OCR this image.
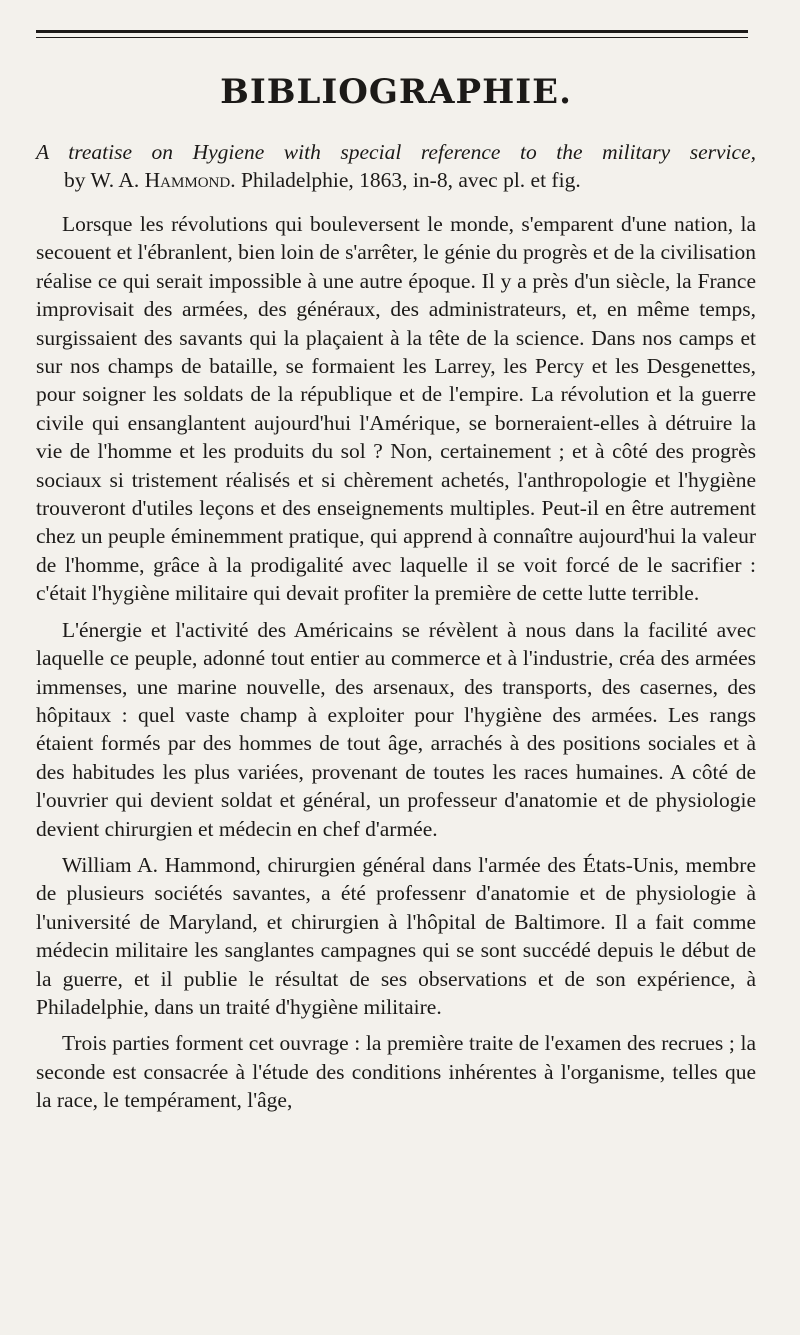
BIBLIOGRAPHIE.
A treatise on Hygiene with special reference to the military service,
by W. A. Hammond. Philadelphie, 1863, in-8, avec pl. et fig.

Lorsque les révolutions qui bouleversent le monde, s'emparent d'une nation, la secouent et l'ébranlent, bien loin de s'arrêter, le génie du progrès et de la civilisation réalise ce qui serait impossible à une autre époque. Il y a près d'un siècle, la France improvisait des armées, des généraux, des administrateurs, et, en même temps, surgissaient des savants qui la plaçaient à la tête de la science. Dans nos camps et sur nos champs de bataille, se formaient les Larrey, les Percy et les Desgenettes, pour soigner les soldats de la république et de l'empire. La révolution et la guerre civile qui ensanglantent aujourd'hui l'Amérique, se borneraient-elles à détruire la vie de l'homme et les produits du sol ? Non, certainement ; et à côté des progrès sociaux si tristement réalisés et si chèrement achetés, l'anthropologie et l'hygiène trouveront d'utiles leçons et des enseignements multiples. Peut-il en être autrement chez un peuple éminemment pratique, qui apprend à connaître aujourd'hui la valeur de l'homme, grâce à la prodigalité avec laquelle il se voit forcé de le sacrifier : c'était l'hygiène militaire qui devait profiter la première de cette lutte terrible.

L'énergie et l'activité des Américains se révèlent à nous dans la facilité avec laquelle ce peuple, adonné tout entier au commerce et à l'industrie, créa des armées immenses, une marine nouvelle, des arsenaux, des transports, des casernes, des hôpitaux : quel vaste champ à exploiter pour l'hygiène des armées. Les rangs étaient formés par des hommes de tout âge, arrachés à des positions sociales et à des habitudes les plus variées, provenant de toutes les races humaines. A côté de l'ouvrier qui devient soldat et général, un professeur d'anatomie et de physiologie devient chirurgien et médecin en chef d'armée.

William A. Hammond, chirurgien général dans l'armée des États-Unis, membre de plusieurs sociétés savantes, a été professenr d'anatomie et de physiologie à l'université de Maryland, et chirurgien à l'hôpital de Baltimore. Il a fait comme médecin militaire les sanglantes campagnes qui se sont succédé depuis le début de la guerre, et il publie le résultat de ses observations et de son expérience, à Philadelphie, dans un traité d'hygiène militaire.

Trois parties forment cet ouvrage : la première traite de l'examen des recrues ; la seconde est consacrée à l'étude des conditions inhérentes à l'organisme, telles que la race, le tempérament, l'âge,
